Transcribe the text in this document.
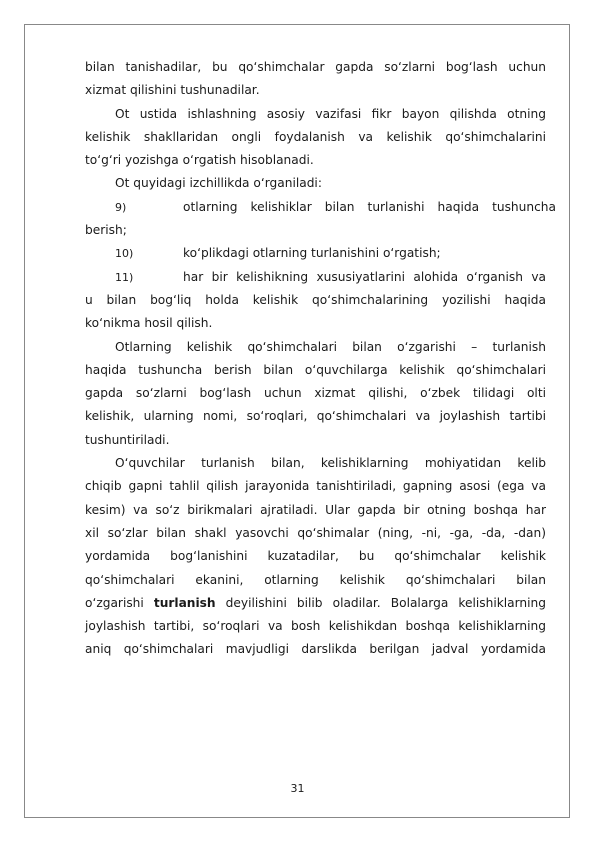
bilan tanishadilar, bu qo‘shimchalar gapda so‘zlarni bog‘lash uchun
xizmat qilishini tushunadilar.
Ot ustida ishlashning asosiy vazifasi fikr bayon qilishda otning
kelishik shakllaridan ongli foydalanish va kelishik qo‘shimchalarini
to‘g‘ri yozishga o‘rgatish hisoblanadi.
Ot quyidagi izchillikda o‘rganiladi:
9)	otlarning kelishiklar bilan turlanishi haqida tushuncha
berish;
10)	ko‘plikdagi otlarning turlanishini o‘rgatish;
11)	har bir kelishikning xususiyatlarini alohida o‘rganish va
u bilan bog‘liq holda kelishik qo‘shimchalarining yozilishi haqida
ko‘nikma hosil qilish.
Otlarning kelishik qo‘shimchalari bilan o‘zgarishi – turlanish
haqida tushuncha berish bilan o‘quvchilarga kelishik qo‘shimchalari
gapda so‘zlarni bog‘lash uchun xizmat qilishi, o‘zbek tilidagi olti
kelishik, ularning nomi, so‘roqlari, qo‘shimchalari va joylashish tartibi
tushuntiriladi.
O‘quvchilar turlanish bilan, kelishiklarning mohiyatidan kelib
chiqib gapni tahlil qilish jarayonida tanishtiriladi, gapning asosi (ega va
kesim) va so‘z birikmalari ajratiladi. Ular gapda bir otning boshqa har
xil so‘zlar bilan shakl yasovchi qo‘shimalar (ning, -ni, -ga, -da, -dan)
yordamida bog‘lanishini kuzatadilar, bu qo‘shimchalar kelishik
qo‘shimchalari ekanini, otlarning kelishik qo‘shimchalari bilan
o‘zgarishi turlanish deyilishini bilib oladilar. Bolalarga kelishiklarning
joylashish tartibi, so‘roqlari va bosh kelishikdan boshqa kelishiklarning
aniq qo‘shimchalari mavjudligi darslikda berilgan jadval yordamida
31
